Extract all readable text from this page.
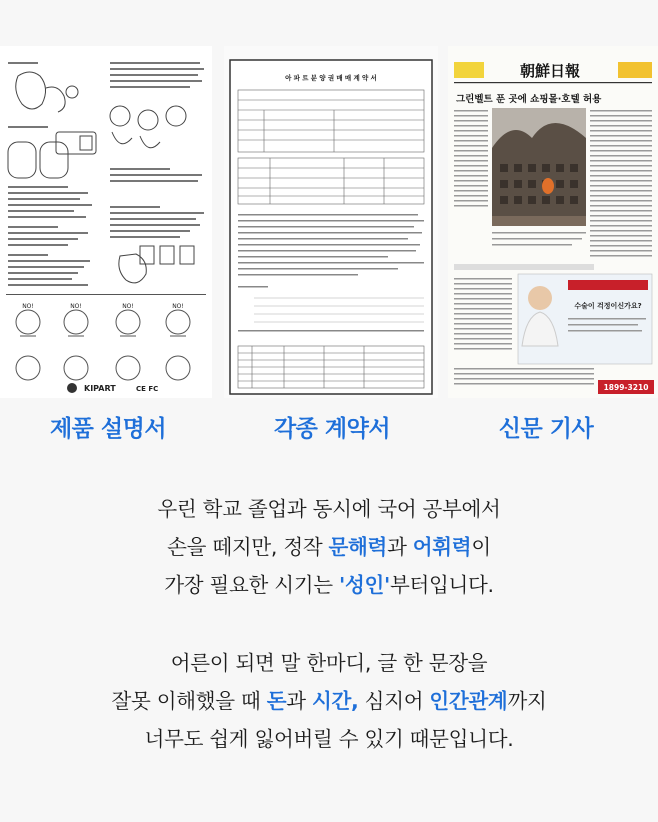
NO!	NO!	NO!	NO!
KIPART	CE FC
아 파 트 분 양 권 매 매 계 약 서	朝鮮日報
그린벨트 푼 곳에 쇼핑몰·호텔 허용
수술이 걱정이신가요?
1899-3210
제품 설명서	각종 계약서	신문 기사
우린 학교 졸업과 동시에 국어 공부에서
손을 떼지만, 정작 문해력과 어휘력이
가장 필요한 시기는 '성인'부터입니다.
어른이 되면 말 한마디, 글 한 문장을
잘못 이해했을 때 돈과 시간, 심지어 인간관계까지
너무도 쉽게 잃어버릴 수 있기 때문입니다.
